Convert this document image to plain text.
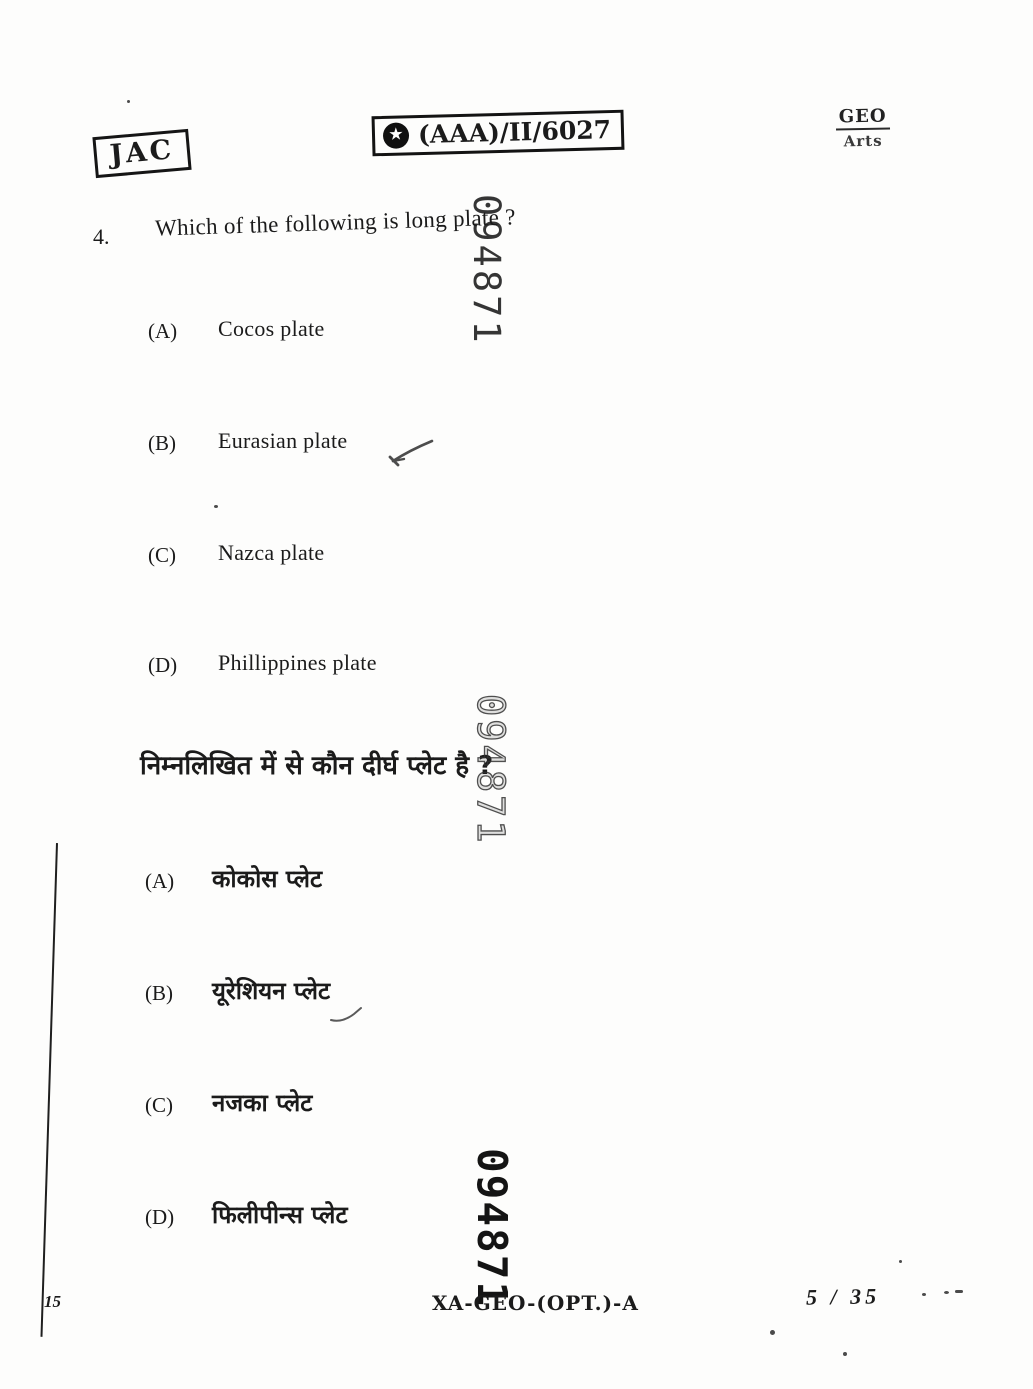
JAC	★ (AAA)/II/6027	GEO
Arts
4. Which of the following is long plate ?
(A) Cocos plate
(B) Eurasian plate
(C) Nazca plate
(D) Phillippines plate
निम्नलिखित में से कौन दीर्घ प्लेट है ?
(A) कोकोस प्लेट
(B) यूरेशियन प्लेट
(C) नजका प्लेट
(D) फिलीपीन्स प्लेट
094871
094871
094871
XA-GEO-(OPT.)-A	5 / 35
15
